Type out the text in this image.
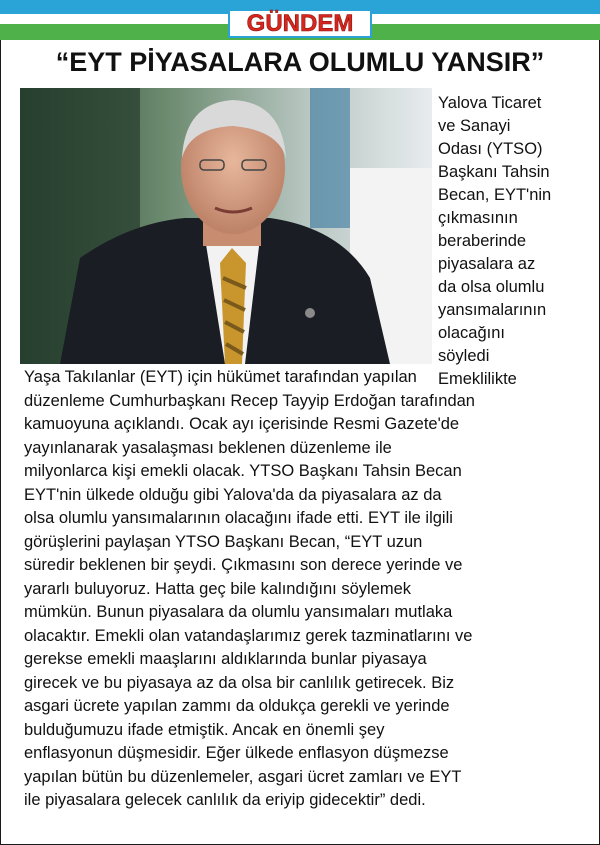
GÜNDEM
“EYT PİYASALARA OLUMLU YANSIR”
Yalova Ticaret
ve Sanayi
Odası (YTSO)
Başkanı Tahsin
Becan, EYT'nin
çıkmasının
beraberinde
piyasalara az
da olsa olumlu
yansımalarının
olacağını
söyledi
Emeklilikte
Yaşa Takılanlar (EYT) için hükümet tarafından yapılan
düzenleme Cumhurbaşkanı Recep Tayyip Erdoğan tarafından
kamuoyuna açıklandı. Ocak ayı içerisinde Resmi Gazete'de
yayınlanarak yasalaşması beklenen düzenleme ile
milyonlarca kişi emekli olacak. YTSO Başkanı Tahsin Becan
EYT'nin ülkede olduğu gibi Yalova'da da piyasalara az da
olsa olumlu yansımalarının olacağını ifade etti. EYT ile ilgili
görüşlerini paylaşan YTSO Başkanı Becan, “EYT uzun
süredir beklenen bir şeydi. Çıkmasını son derece yerinde ve
yararlı buluyoruz. Hatta geç bile kalındığını söylemek
mümkün. Bunun piyasalara da olumlu yansımaları mutlaka
olacaktır. Emekli olan vatandaşlarımız gerek tazminatlarını ve
gerekse emekli maaşlarını aldıklarında bunlar piyasaya
girecek ve bu piyasaya az da olsa bir canlılık getirecek. Biz
asgari ücrete yapılan zammı da oldukça gerekli ve yerinde
bulduğumuzu ifade etmiştik. Ancak en önemli şey
enflasyonun düşmesidir. Eğer ülkede enflasyon düşmezse
yapılan bütün bu düzenlemeler, asgari ücret zamları ve EYT
ile piyasalara gelecek canlılık da eriyip gidecektir” dedi.
